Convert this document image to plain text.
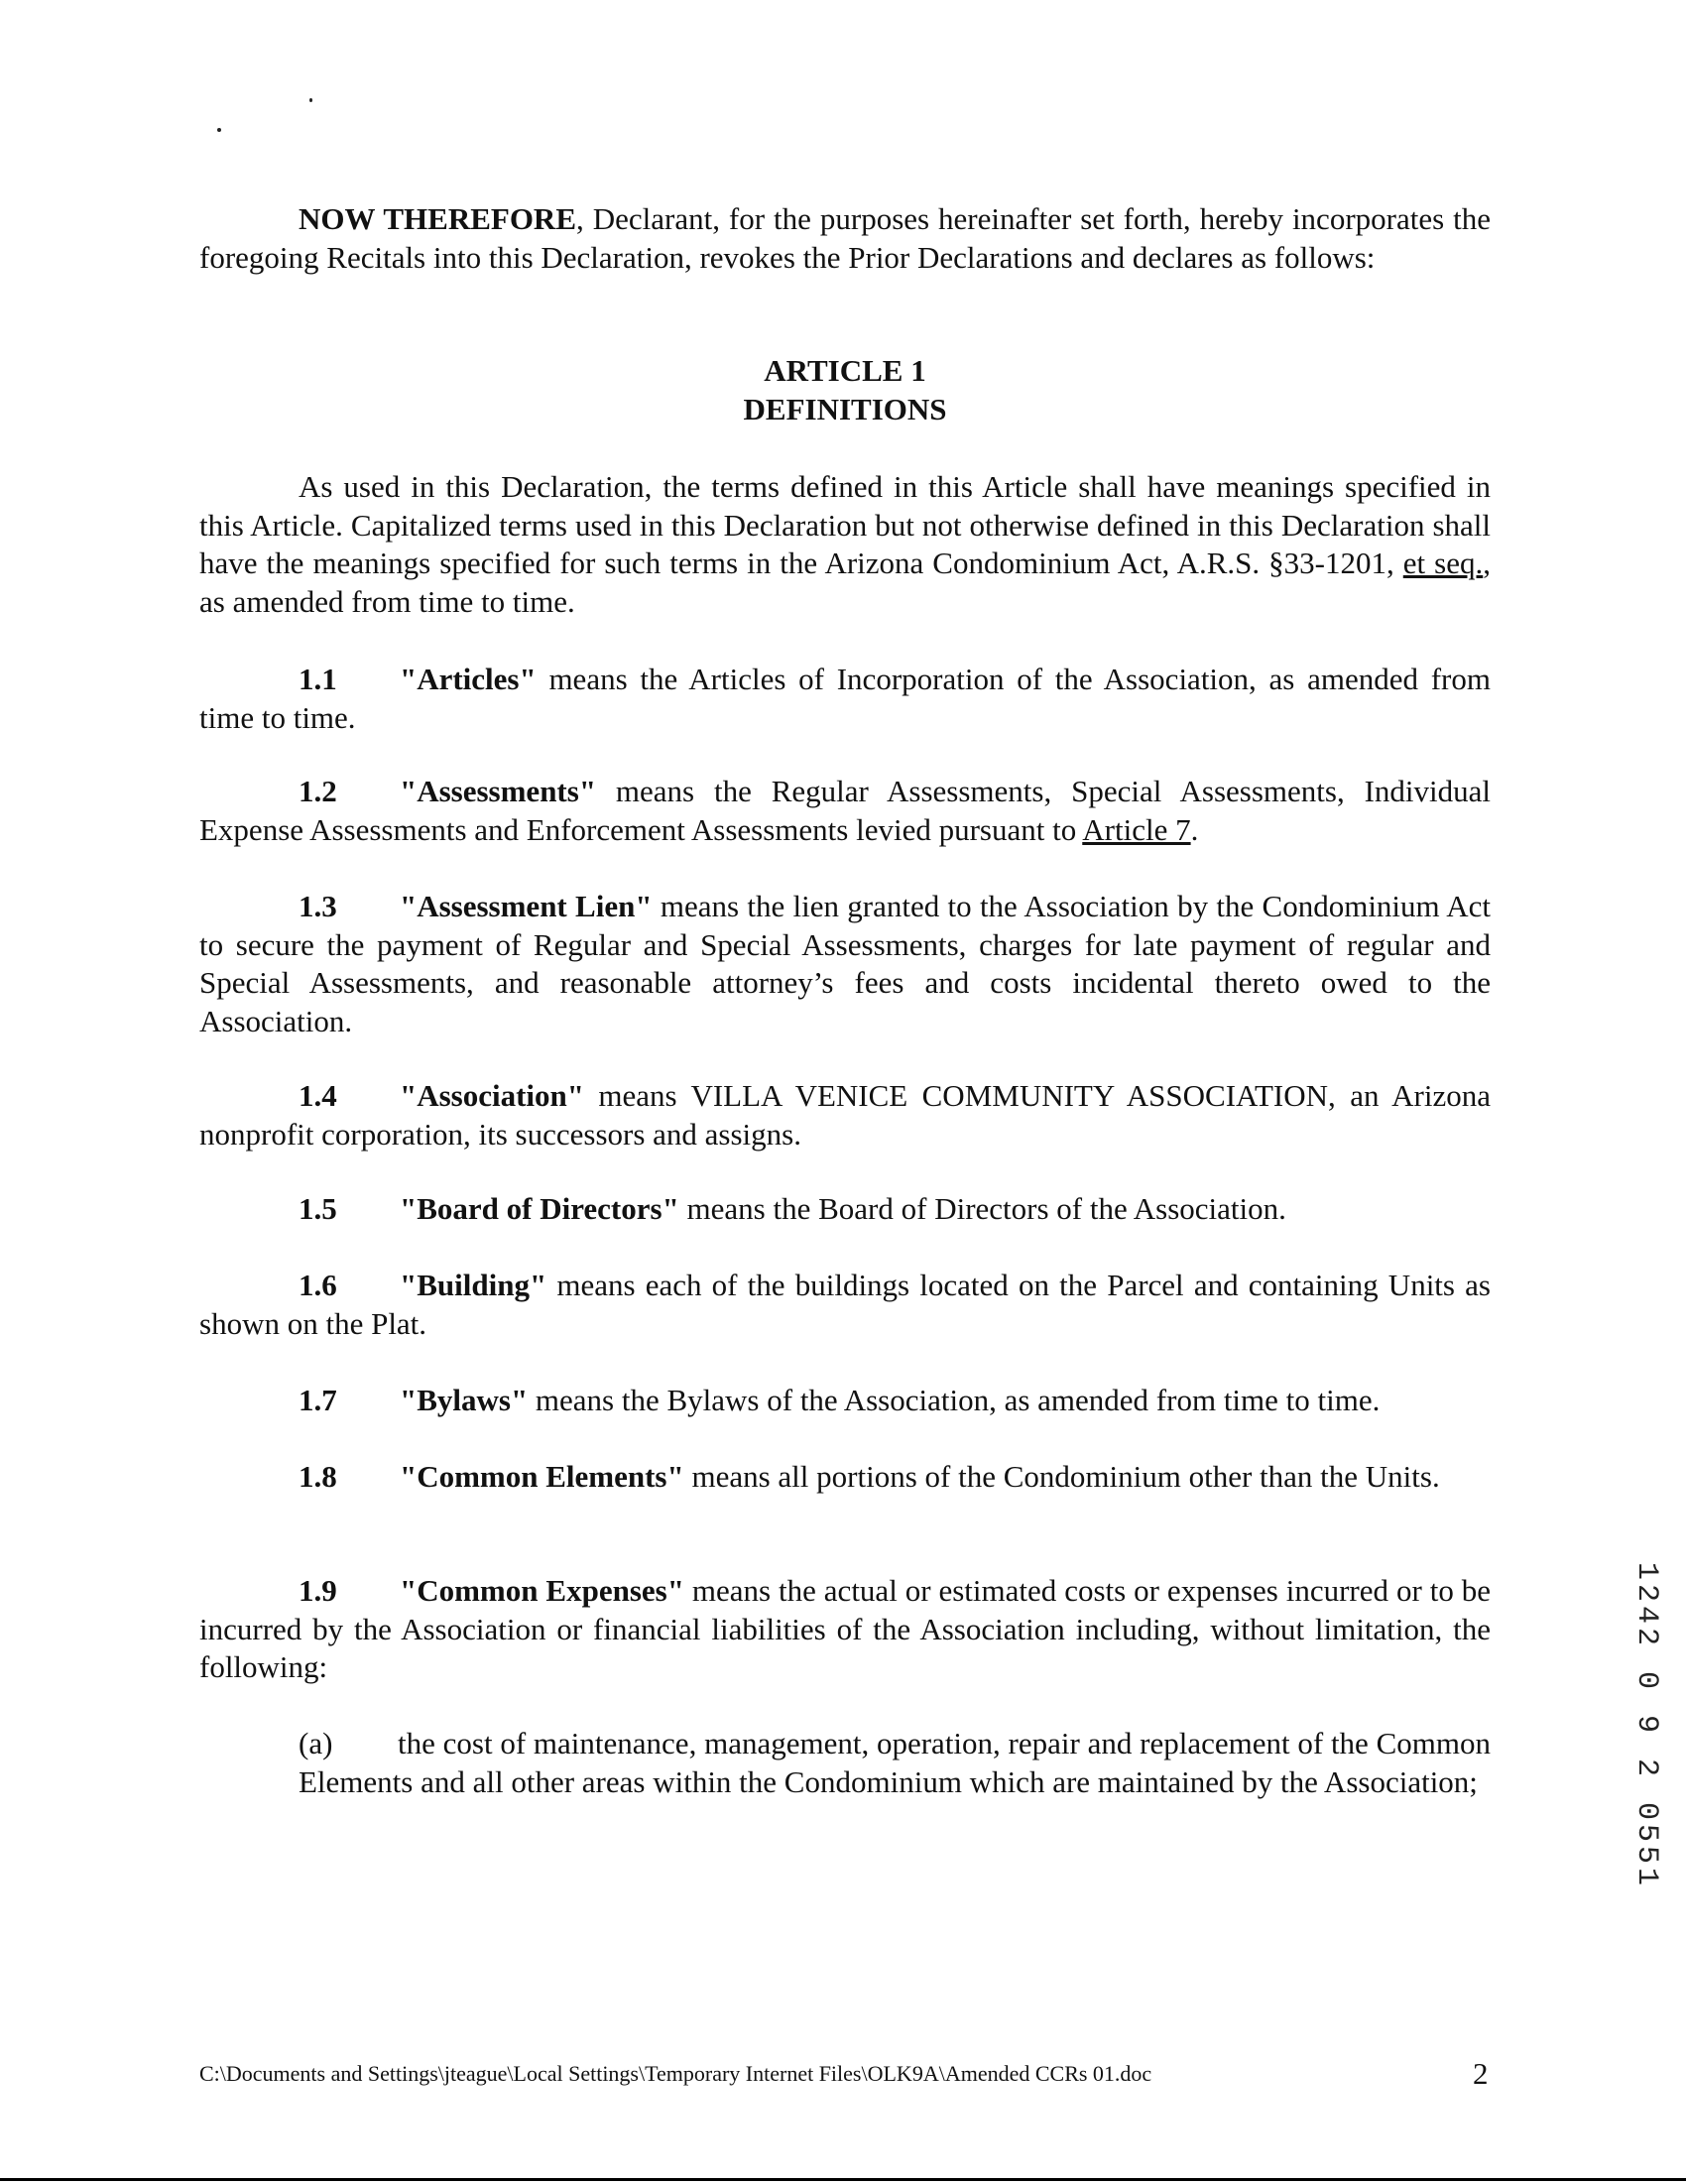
NOW THEREFORE, Declarant, for the purposes hereinafter set forth, hereby incorporates the foregoing Recitals into this Declaration, revokes the Prior Declarations and declares as follows:
ARTICLE 1
DEFINITIONS
As used in this Declaration, the terms defined in this Article shall have meanings specified in this Article. Capitalized terms used in this Declaration but not otherwise defined in this Declaration shall have the meanings specified for such terms in the Arizona Condominium Act, A.R.S. §33-1201, et seq., as amended from time to time.
1.1 "Articles" means the Articles of Incorporation of the Association, as amended from time to time.
1.2 "Assessments" means the Regular Assessments, Special Assessments, Individual Expense Assessments and Enforcement Assessments levied pursuant to Article 7.
1.3 "Assessment Lien" means the lien granted to the Association by the Condominium Act to secure the payment of Regular and Special Assessments, charges for late payment of regular and Special Assessments, and reasonable attorney’s fees and costs incidental thereto owed to the Association.
1.4 "Association" means VILLA VENICE COMMUNITY ASSOCIATION, an Arizona nonprofit corporation, its successors and assigns.
1.5 "Board of Directors" means the Board of Directors of the Association.
1.6 "Building" means each of the buildings located on the Parcel and containing Units as shown on the Plat.
1.7 "Bylaws" means the Bylaws of the Association, as amended from time to time.
1.8 "Common Elements" means all portions of the Condominium other than the Units.
1.9 "Common Expenses" means the actual or estimated costs or expenses incurred or to be incurred by the Association or financial liabilities of the Association including, without limitation, the following:
(a) the cost of maintenance, management, operation, repair and replacement of the Common Elements and all other areas within the Condominium which are maintained by the Association;	1242 0 9 2 0551
C:\Documents and Settings\jteague\Local Settings\Temporary Internet Files\OLK9A\Amended CCRs 01.doc	2
